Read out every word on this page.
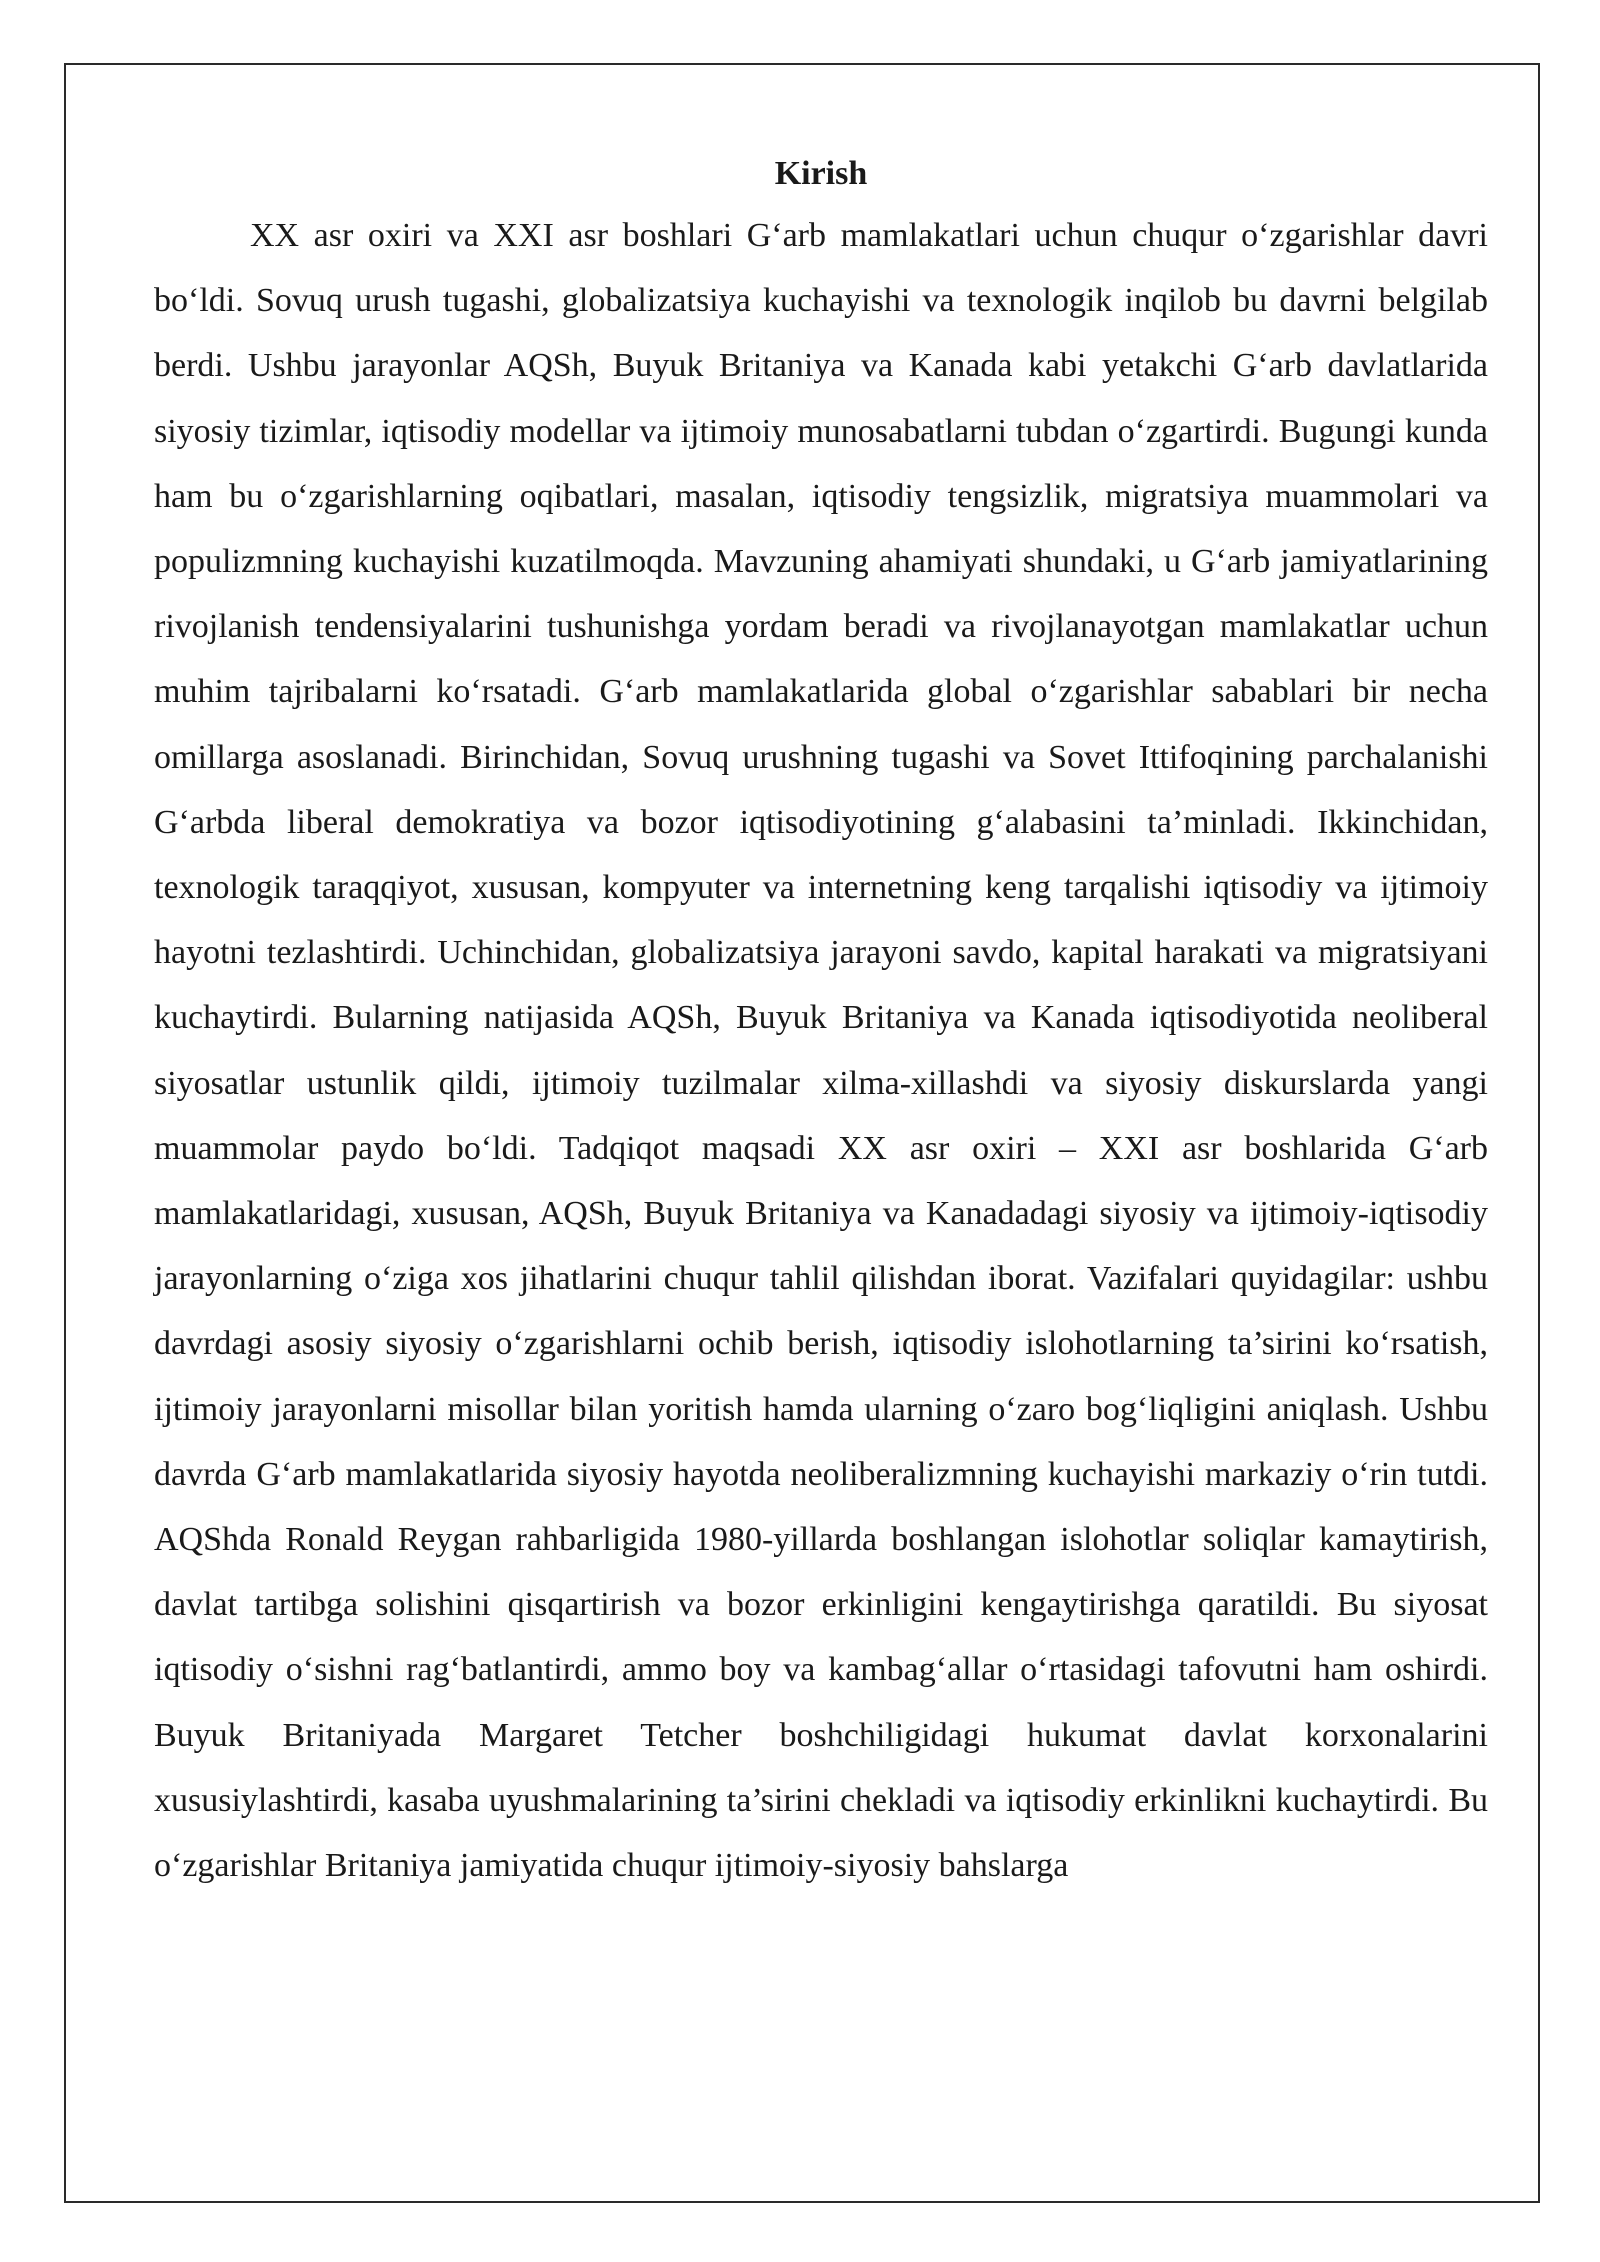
Kirish

XX asr oxiri va XXI asr boshlari G‘arb mamlakatlari uchun chuqur o‘zgarishlar davri bo‘ldi. Sovuq urush tugashi, globalizatsiya kuchayishi va texnologik inqilob bu davrni belgilab berdi. Ushbu jarayonlar AQSh, Buyuk Britaniya va Kanada kabi yetakchi G‘arb davlatlarida siyosiy tizimlar, iqtisodiy modellar va ijtimoiy munosabatlarni tubdan o‘zgartirdi. Bugungi kunda ham bu o‘zgarishlarning oqibatlari, masalan, iqtisodiy tengsizlik, migratsiya muammolari va populizmning kuchayishi kuzatilmoqda. Mavzuning ahamiyati shundaki, u G‘arb jamiyatlarining rivojlanish tendensiyalarini tushunishga yordam beradi va rivojlanayotgan mamlakatlar uchun muhim tajribalarni ko‘rsatadi. G‘arb mamlakatlarida global o‘zgarishlar sabablari bir necha omillarga asoslanadi. Birinchidan, Sovuq urushning tugashi va Sovet Ittifoqining parchalanishi G‘arbda liberal demokratiya va bozor iqtisodiyotining g‘alabasini ta’minladi. Ikkinchidan, texnologik taraqqiyot, xususan, kompyuter va internetning keng tarqalishi iqtisodiy va ijtimoiy hayotni tezlashtirdi. Uchinchidan, globalizatsiya jarayoni savdo, kapital harakati va migratsiyani kuchaytirdi. Bularning natijasida AQSh, Buyuk Britaniya va Kanada iqtisodiyotida neoliberal siyosatlar ustunlik qildi, ijtimoiy tuzilmalar xilma-xillashdi va siyosiy diskurslarda yangi muammolar paydo bo‘ldi. Tadqiqot maqsadi XX asr oxiri – XXI asr boshlarida G‘arb mamlakatlaridagi, xususan, AQSh, Buyuk Britaniya va Kanadadagi siyosiy va ijtimoiy-iqtisodiy jarayonlarning o‘ziga xos jihatlarini chuqur tahlil qilishdan iborat. Vazifalari quyidagilar: ushbu davrdagi asosiy siyosiy o‘zgarishlarni ochib berish, iqtisodiy islohotlarning ta’sirini ko‘rsatish, ijtimoiy jarayonlarni misollar bilan yoritish hamda ularning o‘zaro bog‘liqligini aniqlash. Ushbu davrda G‘arb mamlakatlarida siyosiy hayotda neoliberalizmning kuchayishi markaziy o‘rin tutdi. AQShda Ronald Reygan rahbarligida 1980-yillarda boshlangan islohotlar soliqlar kamaytirish, davlat tartibga solishini qisqartirish va bozor erkinligini kengaytirishga qaratildi. Bu siyosat iqtisodiy o‘sishni rag‘batlantirdi, ammo boy va kambag‘allar o‘rtasidagi tafovutni ham oshirdi. Buyuk Britaniyada Margaret Tetcher boshchiligidagi hukumat davlat korxonalarini xususiylashtirdi, kasaba uyushmalarining ta’sirini chekladi va iqtisodiy erkinlikni kuchaytirdi. Bu o‘zgarishlar Britaniya jamiyatida chuqur ijtimoiy-siyosiy bahslarga
